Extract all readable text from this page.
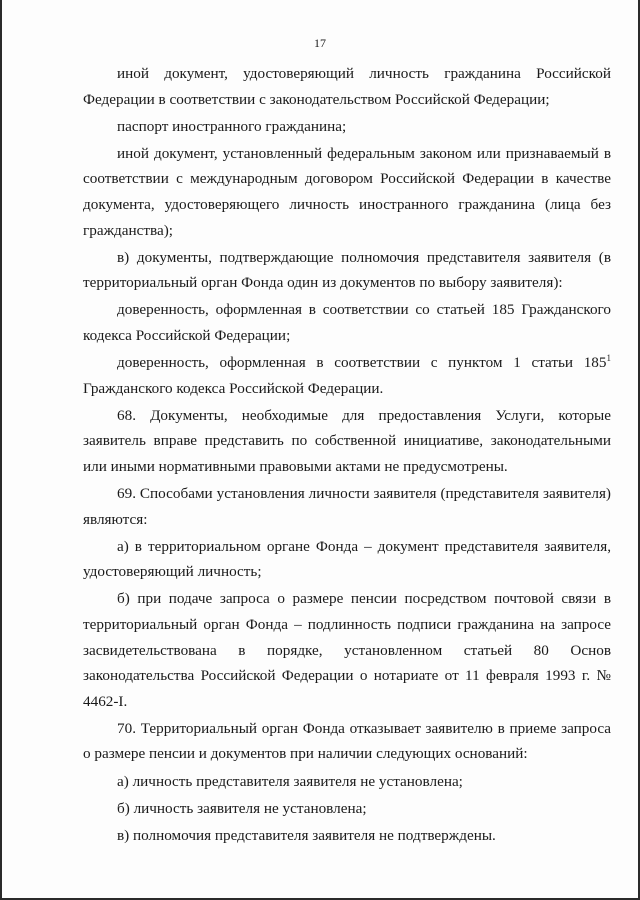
17

иной документ, удостоверяющий личность гражданина Российской Федерации в соответствии с законодательством Российской Федерации;

паспорт иностранного гражданина;

иной документ, установленный федеральным законом или признаваемый в соответствии с международным договором Российской Федерации в качестве документа, удостоверяющего личность иностранного гражданина (лица без гражданства);

в) документы, подтверждающие полномочия представителя заявителя (в территориальный орган Фонда один из документов по выбору заявителя):

доверенность, оформленная в соответствии со статьей 185 Гражданского кодекса Российской Федерации;

доверенность, оформленная в соответствии с пунктом 1 статьи $185^1$ Гражданского кодекса Российской Федерации.

68. Документы, необходимые для предоставления Услуги, которые заявитель вправе представить по собственной инициативе, законодательными или иными нормативными правовыми актами не предусмотрены.

69. Способами установления личности заявителя (представителя заявителя) являются:

а) в территориальном органе Фонда – документ представителя заявителя, удостоверяющий личность;

б) при подаче запроса о размере пенсии посредством почтовой связи в территориальный орган Фонда – подлинность подписи гражданина на запросе засвидетельствована в порядке, установленном статьей 80 Основ законодательства Российской Федерации о нотариате от 11 февраля 1993 г. № 4462-I.

70. Территориальный орган Фонда отказывает заявителю в приеме запроса о размере пенсии и документов при наличии следующих оснований:

а) личность представителя заявителя не установлена;

б) личность заявителя не установлена;

в) полномочия представителя заявителя не подтверждены.
